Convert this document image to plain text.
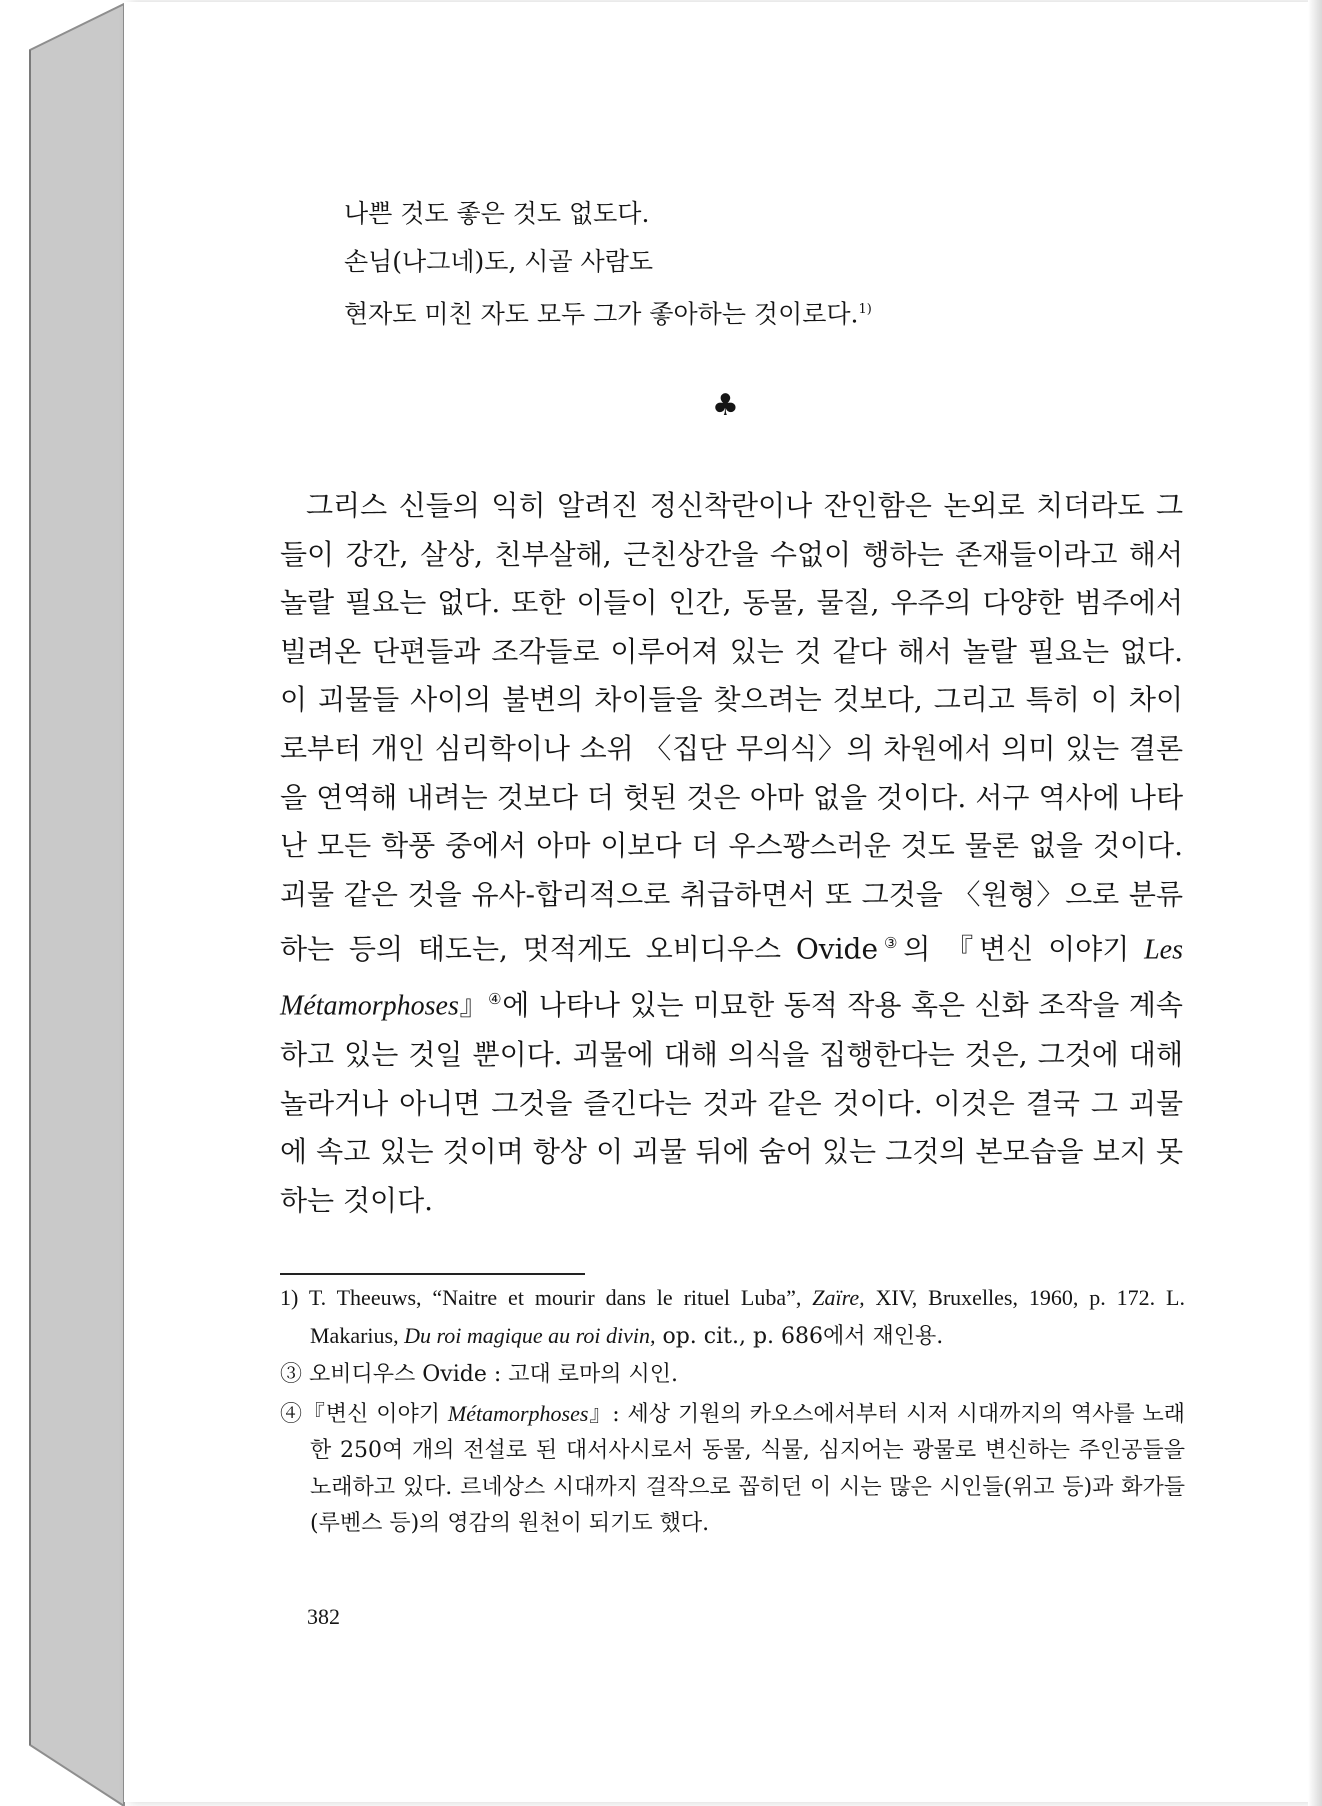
나쁜 것도 좋은 것도 없도다.
손님(나그네)도, 시골 사람도
현자도 미친 자도 모두 그가 좋아하는 것이로다.$^{1)}$
♣
그리스 신들의 익히 알려진 정신착란이나 잔인함은 논외로 치더라도 그들이 강간, 살상, 친부살해, 근친상간을 수없이 행하는 존재들이라고 해서 놀랄 필요는 없다. 또한 이들이 인간, 동물, 물질, 우주의 다양한 범주에서 빌려온 단편들과 조각들로 이루어져 있는 것 같다 해서 놀랄 필요는 없다. 이 괴물들 사이의 불변의 차이들을 찾으려는 것보다, 그리고 특히 이 차이로부터 개인 심리학이나 소위 〈집단 무의식〉의 차원에서 의미 있는 결론을 연역해 내려는 것보다 더 헛된 것은 아마 없을 것이다. 서구 역사에 나타난 모든 학풍 중에서 아마 이보다 더 우스꽝스러운 것도 물론 없을 것이다. 괴물 같은 것을 유사-합리적으로 취급하면서 또 그것을 〈원형〉으로 분류하는 등의 태도는, 멋적게도 오비디우스 Ovide③의 『변신 이야기 Les Métamorphoses』④에 나타나 있는 미묘한 동적 작용 혹은 신화 조작을 계속하고 있는 것일 뿐이다. 괴물에 대해 의식을 집행한다는 것은, 그것에 대해 놀라거나 아니면 그것을 즐긴다는 것과 같은 것이다. 이것은 결국 그 괴물에 속고 있는 것이며 항상 이 괴물 뒤에 숨어 있는 그것의 본모습을 보지 못하는 것이다.
1) T. Theeuws, “Naitre et mourir dans le rituel Luba”, Zaïre, XIV, Bruxelles, 1960, p. 172. L. Makarius, Du roi magique au roi divin, op. cit., p. 686에서 재인용.
③ 오비디우스 Ovide : 고대 로마의 시인.
④『변신 이야기 Métamorphoses』: 세상 기원의 카오스에서부터 시저 시대까지의 역사를 노래한 250여 개의 전설로 된 대서사시로서 동물, 식물, 심지어는 광물로 변신하는 주인공들을 노래하고 있다. 르네상스 시대까지 걸작으로 꼽히던 이 시는 많은 시인들(위고 등)과 화가들(루벤스 등)의 영감의 원천이 되기도 했다.
382
